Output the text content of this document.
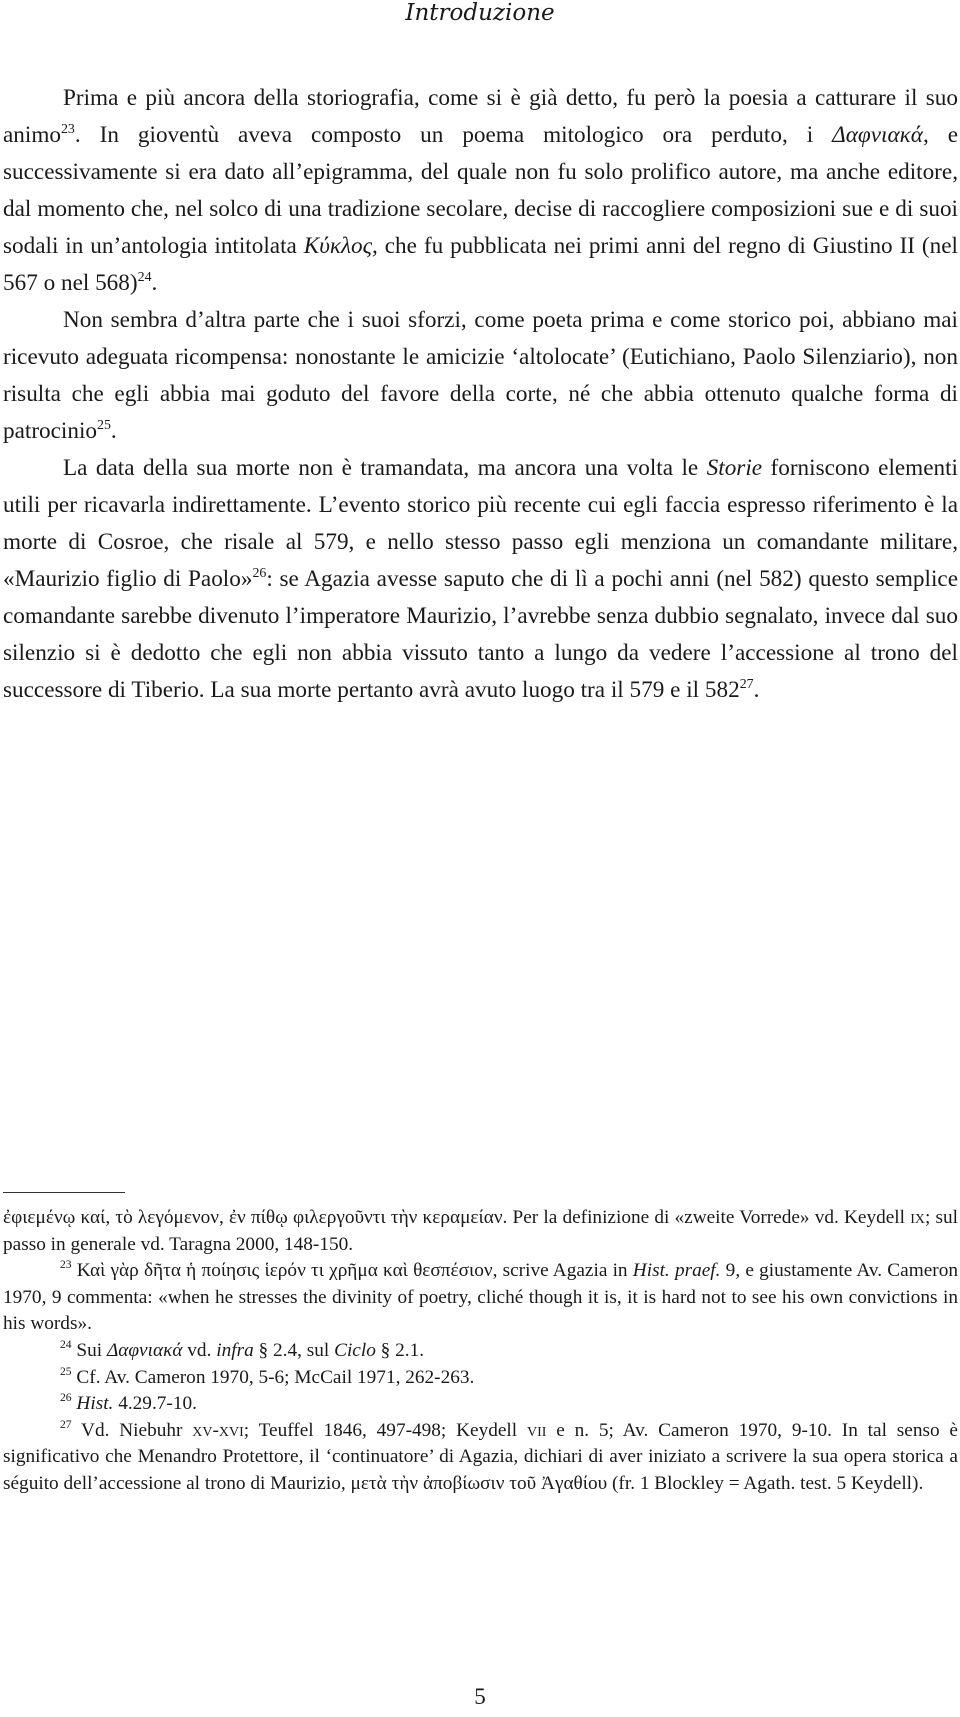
Introduzione

Prima e più ancora della storiografia, come si è già detto, fu però la poesia a catturare il suo animo$^{23}$. In gioventù aveva composto un poema mitologico ora perduto, i Δαφνιακά, e successivamente si era dato all’epigramma, del quale non fu solo prolifico autore, ma anche editore, dal momento che, nel solco di una tradizione secolare, decise di raccogliere composizioni sue e di suoi sodali in un’antologia intitolata Κύκλος, che fu pubblicata nei primi anni del regno di Giustino II (nel 567 o nel 568)$^{24}$.

Non sembra d’altra parte che i suoi sforzi, come poeta prima e come storico poi, abbiano mai ricevuto adeguata ricompensa: nonostante le amicizie ‘altolocate’ (Eutichiano, Paolo Silenziario), non risulta che egli abbia mai goduto del favore della corte, né che abbia ottenuto qualche forma di patrocinio$^{25}$.

La data della sua morte non è tramandata, ma ancora una volta le Storie forniscono elementi utili per ricavarla indirettamente. L’evento storico più recente cui egli faccia espresso riferimento è la morte di Cosroe, che risale al 579, e nello stesso passo egli menziona un comandante militare, «Maurizio figlio di Paolo»$^{26}$: se Agazia avesse saputo che di lì a pochi anni (nel 582) questo semplice comandante sarebbe divenuto l’imperatore Maurizio, l’avrebbe senza dubbio segnalato, invece dal suo silenzio si è dedotto che egli non abbia vissuto tanto a lungo da vedere l’accessione al trono del successore di Tiberio. La sua morte pertanto avrà avuto luogo tra il 579 e il $582^{27}$.

ἐφιεμένῳ καί, τὸ λεγόμενον, ἐν πίθῳ φιλεργοῦντι τὴν κεραμείαν. Per la definizione di «zweite Vorrede» vd. Keydell ix; sul passo in generale vd. Taragna 2000, 148-150.

$^{23}$ Καὶ γὰρ δῆτα ἡ ποίησις ἱερόν τι χρῆμα καὶ θεσπέσιον, scrive Agazia in Hist. praef. 9, e giustamente Av. Cameron 1970, 9 commenta: «when he stresses the divinity of poetry, cliché though it is, it is hard not to see his own convictions in his words».

$^{24}$ Sui Δαφνιακά vd. infra § 2.4, sul Ciclo § 2.1.

$^{25}$ Cf. Av. Cameron 1970, 5-6; McCail 1971, 262-263.

$^{26}$ Hist. 4.29.7-10.

$^{27}$ Vd. Niebuhr xv-xvi; Teuffel 1846, 497-498; Keydell vii e n. 5; Av. Cameron 1970, 9-10. In tal senso è significativo che Menandro Protettore, il ‘continuatore’ di Agazia, dichiari di aver iniziato a scrivere la sua opera storica a séguito dell’accessione al trono di Maurizio, μετὰ τὴν ἀποβίωσιν τοῦ Ἀγαθίου (fr. 1 Blockley = Agath. test. 5 Keydell).

5
